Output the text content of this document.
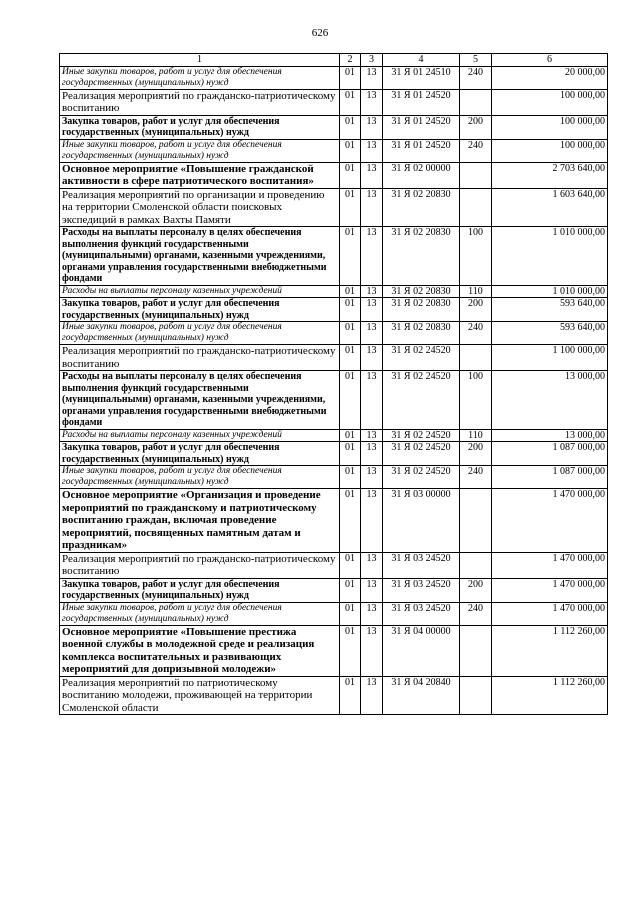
626
1	2	3	4	5	6
Иные закупки товаров, работ и услуг для обеспечения государственных (муниципальных) нужд	01	13	31 Я 01 24510	240	20 000,00
Реализация мероприятий по гражданско-патриотическому воспитанию	01	13	31 Я 01 24520		100 000,00
Закупка товаров, работ и услуг для обеспечения государственных (муниципальных) нужд	01	13	31 Я 01 24520	200	100 000,00
Иные закупки товаров, работ и услуг для обеспечения государственных (муниципальных) нужд	01	13	31 Я 01 24520	240	100 000,00
Основное мероприятие «Повышение гражданской активности в сфере патриотического воспитания»	01	13	31 Я 02 00000		2 703 640,00
Реализация мероприятий по организации и проведению на территории Смоленской области поисковых экспедиций в рамках Вахты Памяти	01	13	31 Я 02 20830		1 603 640,00
Расходы на выплаты персоналу в целях обеспечения выполнения функций государственными (муниципальными) органами, казенными учреждениями, органами управления государственными внебюджетными фондами	01	13	31 Я 02 20830	100	1 010 000,00
Расходы на выплаты персоналу казенных учреждений	01	13	31 Я 02 20830	110	1 010 000,00
Закупка товаров, работ и услуг для обеспечения государственных (муниципальных) нужд	01	13	31 Я 02 20830	200	593 640,00
Иные закупки товаров, работ и услуг для обеспечения государственных (муниципальных) нужд	01	13	31 Я 02 20830	240	593 640,00
Реализация мероприятий по гражданско-патриотическому воспитанию	01	13	31 Я 02 24520		1 100 000,00
Расходы на выплаты персоналу в целях обеспечения выполнения функций государственными (муниципальными) органами, казенными учреждениями, органами управления государственными внебюджетными фондами	01	13	31 Я 02 24520	100	13 000,00
Расходы на выплаты персоналу казенных учреждений	01	13	31 Я 02 24520	110	13 000,00
Закупка товаров, работ и услуг для обеспечения государственных (муниципальных) нужд	01	13	31 Я 02 24520	200	1 087 000,00
Иные закупки товаров, работ и услуг для обеспечения государственных (муниципальных) нужд	01	13	31 Я 02 24520	240	1 087 000,00
Основное мероприятие «Организация и проведение мероприятий по гражданскому и патриотическому воспитанию граждан, включая проведение мероприятий, посвященных памятным датам и праздникам»	01	13	31 Я 03 00000		1 470 000,00
Реализация мероприятий по гражданско-патриотическому воспитанию	01	13	31 Я 03 24520		1 470 000,00
Закупка товаров, работ и услуг для обеспечения государственных (муниципальных) нужд	01	13	31 Я 03 24520	200	1 470 000,00
Иные закупки товаров, работ и услуг для обеспечения государственных (муниципальных) нужд	01	13	31 Я 03 24520	240	1 470 000,00
Основное мероприятие «Повышение престижа военной службы в молодежной среде и реализация комплекса воспитательных и развивающих мероприятий для допризывной молодежи»	01	13	31 Я 04 00000		1 112 260,00
Реализация мероприятий по патриотическому воспитанию молодежи, проживающей на территории Смоленской области	01	13	31 Я 04 20840		1 112 260,00
